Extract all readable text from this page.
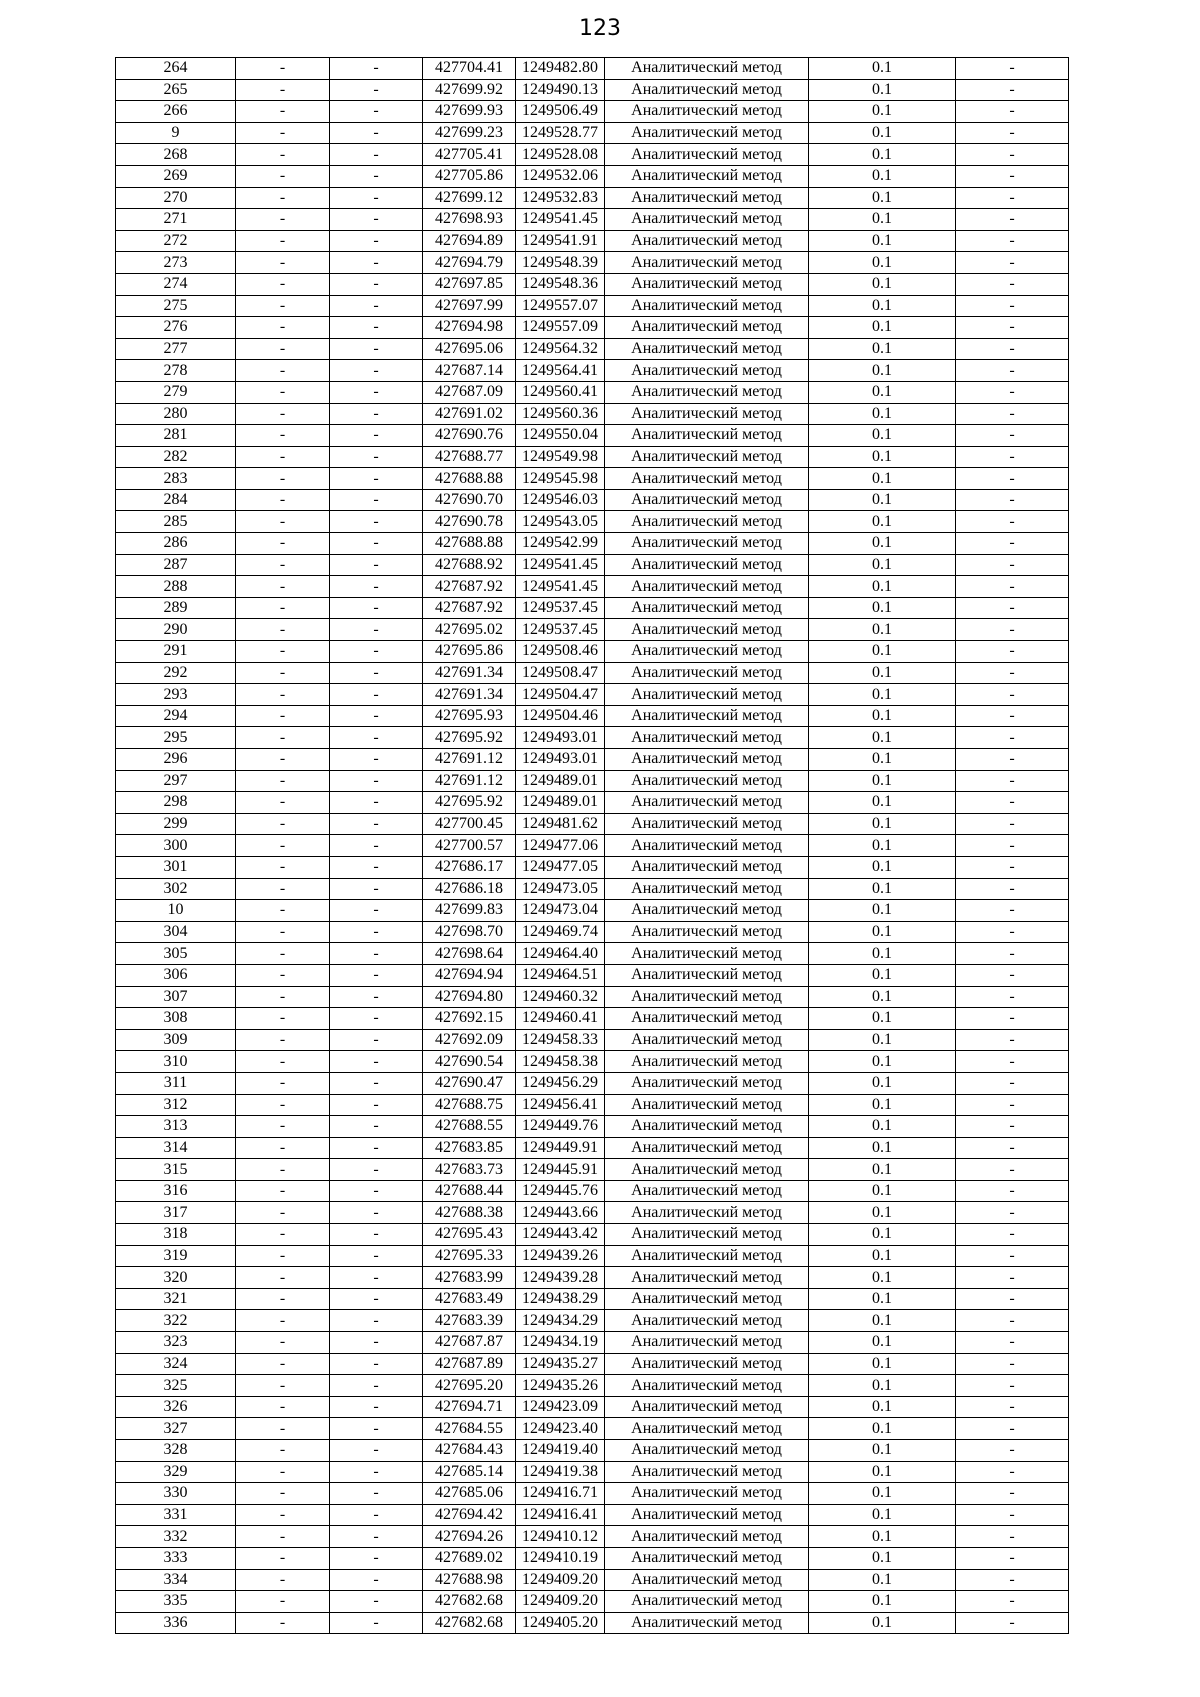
123
264	-	-	427704.41	1249482.80	Аналитический метод	0.1	-
265	-	-	427699.92	1249490.13	Аналитический метод	0.1	-
266	-	-	427699.93	1249506.49	Аналитический метод	0.1	-
9	-	-	427699.23	1249528.77	Аналитический метод	0.1	-
268	-	-	427705.41	1249528.08	Аналитический метод	0.1	-
269	-	-	427705.86	1249532.06	Аналитический метод	0.1	-
270	-	-	427699.12	1249532.83	Аналитический метод	0.1	-
271	-	-	427698.93	1249541.45	Аналитический метод	0.1	-
272	-	-	427694.89	1249541.91	Аналитический метод	0.1	-
273	-	-	427694.79	1249548.39	Аналитический метод	0.1	-
274	-	-	427697.85	1249548.36	Аналитический метод	0.1	-
275	-	-	427697.99	1249557.07	Аналитический метод	0.1	-
276	-	-	427694.98	1249557.09	Аналитический метод	0.1	-
277	-	-	427695.06	1249564.32	Аналитический метод	0.1	-
278	-	-	427687.14	1249564.41	Аналитический метод	0.1	-
279	-	-	427687.09	1249560.41	Аналитический метод	0.1	-
280	-	-	427691.02	1249560.36	Аналитический метод	0.1	-
281	-	-	427690.76	1249550.04	Аналитический метод	0.1	-
282	-	-	427688.77	1249549.98	Аналитический метод	0.1	-
283	-	-	427688.88	1249545.98	Аналитический метод	0.1	-
284	-	-	427690.70	1249546.03	Аналитический метод	0.1	-
285	-	-	427690.78	1249543.05	Аналитический метод	0.1	-
286	-	-	427688.88	1249542.99	Аналитический метод	0.1	-
287	-	-	427688.92	1249541.45	Аналитический метод	0.1	-
288	-	-	427687.92	1249541.45	Аналитический метод	0.1	-
289	-	-	427687.92	1249537.45	Аналитический метод	0.1	-
290	-	-	427695.02	1249537.45	Аналитический метод	0.1	-
291	-	-	427695.86	1249508.46	Аналитический метод	0.1	-
292	-	-	427691.34	1249508.47	Аналитический метод	0.1	-
293	-	-	427691.34	1249504.47	Аналитический метод	0.1	-
294	-	-	427695.93	1249504.46	Аналитический метод	0.1	-
295	-	-	427695.92	1249493.01	Аналитический метод	0.1	-
296	-	-	427691.12	1249493.01	Аналитический метод	0.1	-
297	-	-	427691.12	1249489.01	Аналитический метод	0.1	-
298	-	-	427695.92	1249489.01	Аналитический метод	0.1	-
299	-	-	427700.45	1249481.62	Аналитический метод	0.1	-
300	-	-	427700.57	1249477.06	Аналитический метод	0.1	-
301	-	-	427686.17	1249477.05	Аналитический метод	0.1	-
302	-	-	427686.18	1249473.05	Аналитический метод	0.1	-
10	-	-	427699.83	1249473.04	Аналитический метод	0.1	-
304	-	-	427698.70	1249469.74	Аналитический метод	0.1	-
305	-	-	427698.64	1249464.40	Аналитический метод	0.1	-
306	-	-	427694.94	1249464.51	Аналитический метод	0.1	-
307	-	-	427694.80	1249460.32	Аналитический метод	0.1	-
308	-	-	427692.15	1249460.41	Аналитический метод	0.1	-
309	-	-	427692.09	1249458.33	Аналитический метод	0.1	-
310	-	-	427690.54	1249458.38	Аналитический метод	0.1	-
311	-	-	427690.47	1249456.29	Аналитический метод	0.1	-
312	-	-	427688.75	1249456.41	Аналитический метод	0.1	-
313	-	-	427688.55	1249449.76	Аналитический метод	0.1	-
314	-	-	427683.85	1249449.91	Аналитический метод	0.1	-
315	-	-	427683.73	1249445.91	Аналитический метод	0.1	-
316	-	-	427688.44	1249445.76	Аналитический метод	0.1	-
317	-	-	427688.38	1249443.66	Аналитический метод	0.1	-
318	-	-	427695.43	1249443.42	Аналитический метод	0.1	-
319	-	-	427695.33	1249439.26	Аналитический метод	0.1	-
320	-	-	427683.99	1249439.28	Аналитический метод	0.1	-
321	-	-	427683.49	1249438.29	Аналитический метод	0.1	-
322	-	-	427683.39	1249434.29	Аналитический метод	0.1	-
323	-	-	427687.87	1249434.19	Аналитический метод	0.1	-
324	-	-	427687.89	1249435.27	Аналитический метод	0.1	-
325	-	-	427695.20	1249435.26	Аналитический метод	0.1	-
326	-	-	427694.71	1249423.09	Аналитический метод	0.1	-
327	-	-	427684.55	1249423.40	Аналитический метод	0.1	-
328	-	-	427684.43	1249419.40	Аналитический метод	0.1	-
329	-	-	427685.14	1249419.38	Аналитический метод	0.1	-
330	-	-	427685.06	1249416.71	Аналитический метод	0.1	-
331	-	-	427694.42	1249416.41	Аналитический метод	0.1	-
332	-	-	427694.26	1249410.12	Аналитический метод	0.1	-
333	-	-	427689.02	1249410.19	Аналитический метод	0.1	-
334	-	-	427688.98	1249409.20	Аналитический метод	0.1	-
335	-	-	427682.68	1249409.20	Аналитический метод	0.1	-
336	-	-	427682.68	1249405.20	Аналитический метод	0.1	-
